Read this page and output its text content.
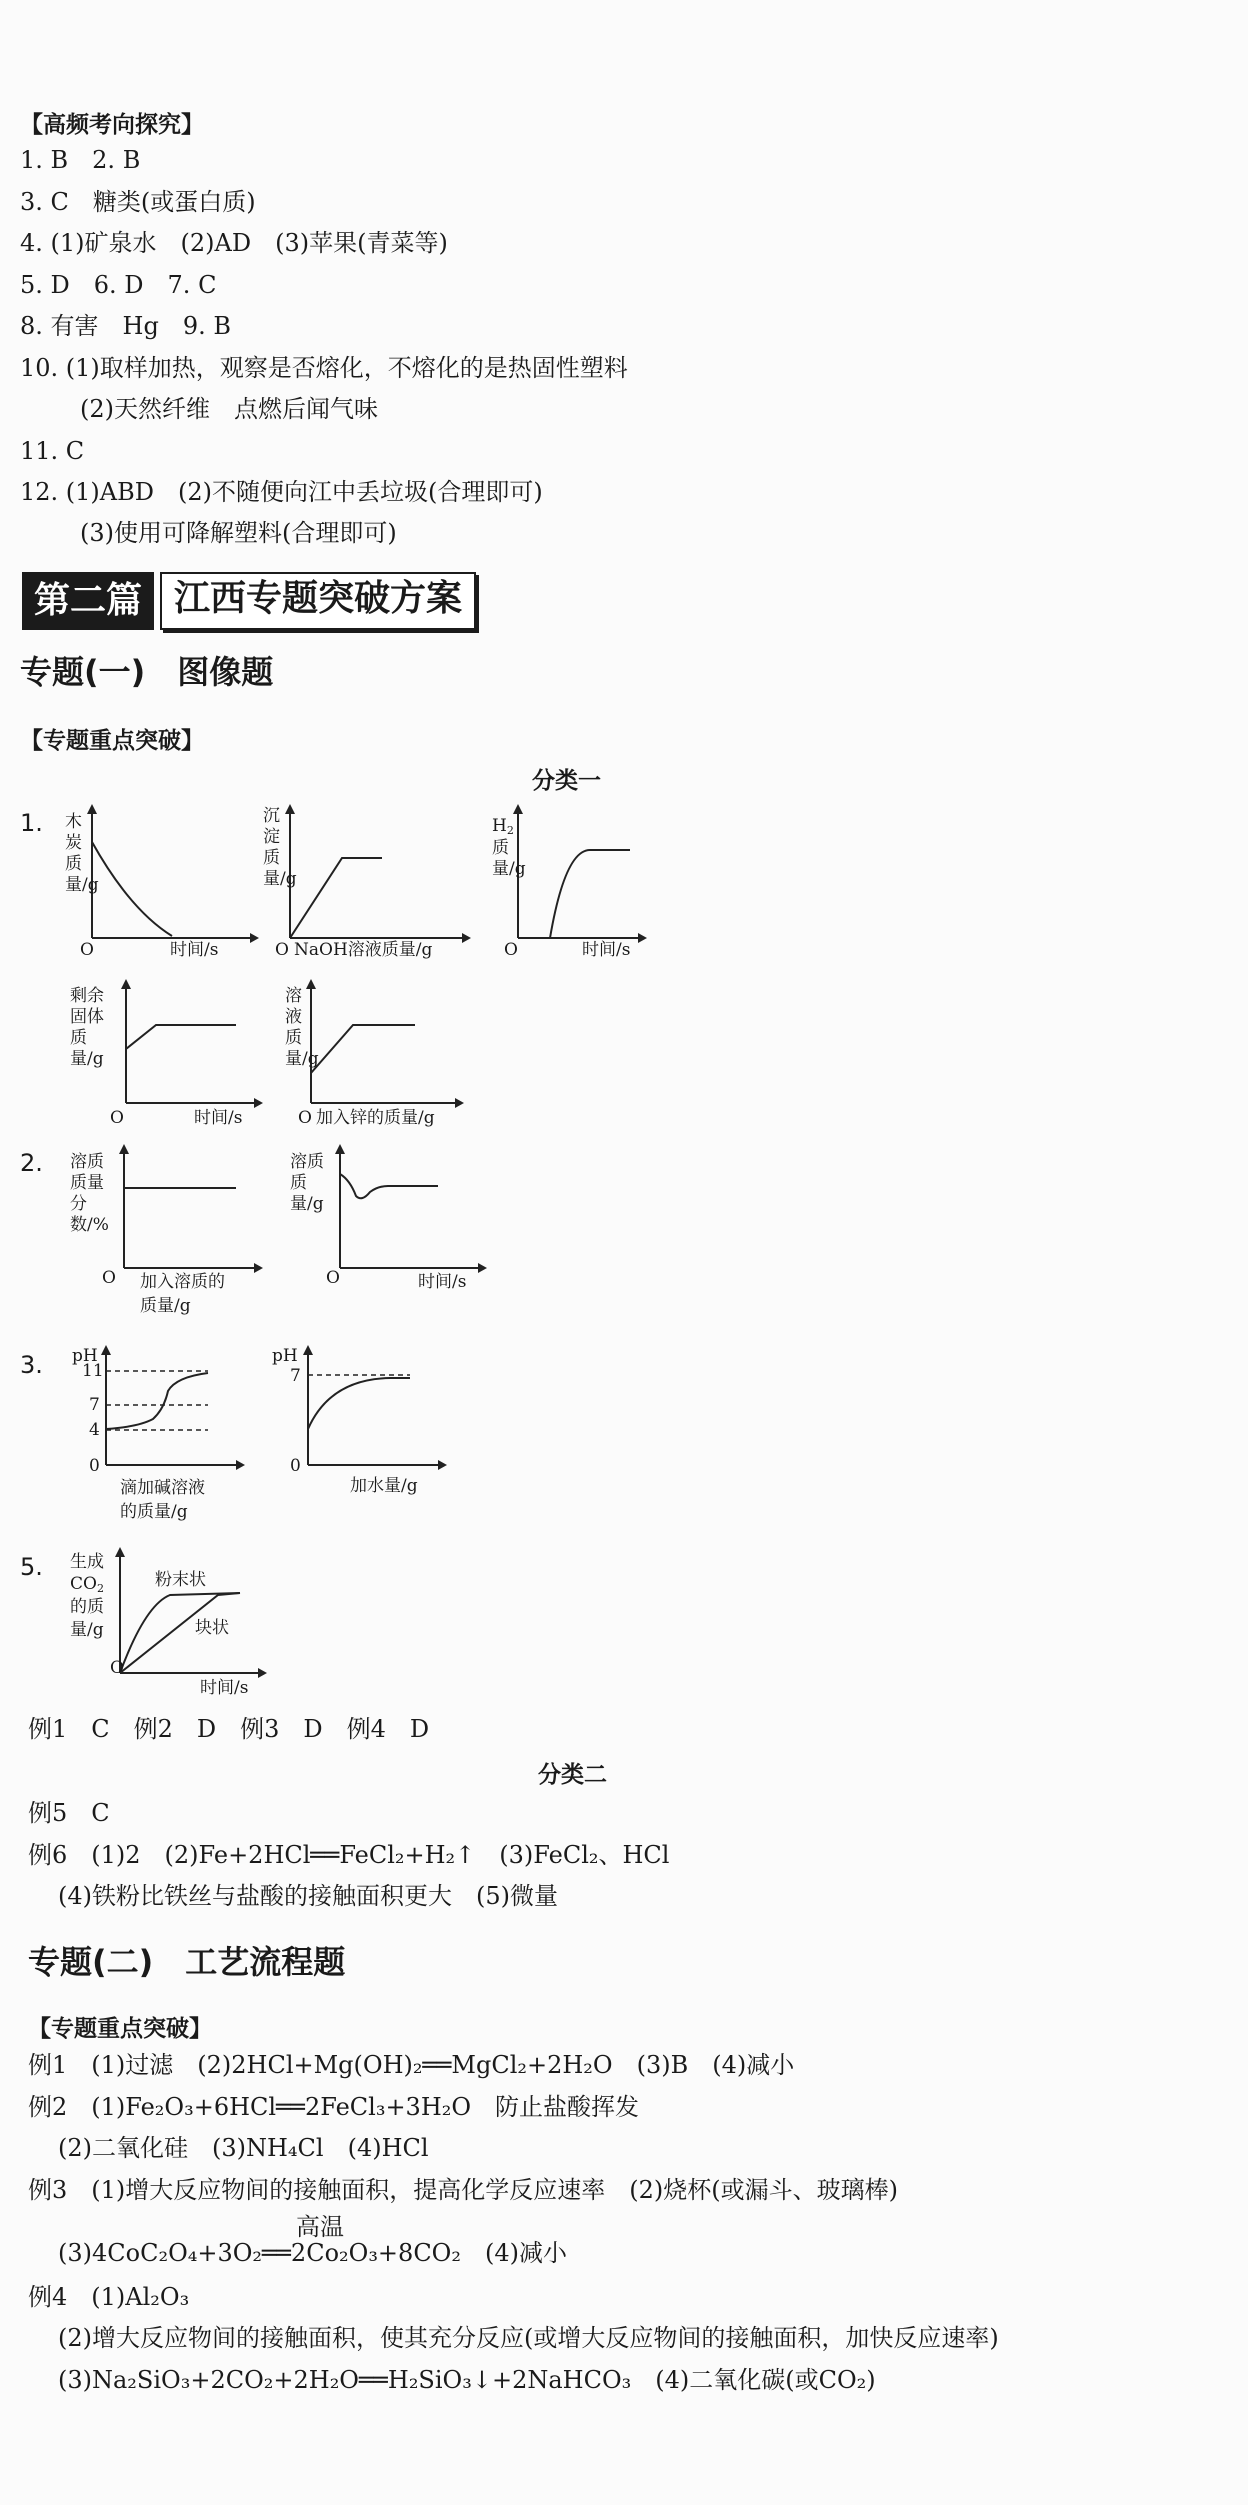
【高频考向探究】
1. B　2. B
3. C　糖类(或蛋白质)
4. (1)矿泉水　(2)AD　(3)苹果(青菜等)
5. D　6. D　7. C
8. 有害　Hg　9. B
10. (1)取样加热，观察是否熔化，不熔化的是热固性塑料
(2)天然纤维　点燃后闻气味
11. C
12. (1)ABD　(2)不随便向江中丢垃圾(合理即可)
(3)使用可降解塑料(合理即可)
第二篇 江西专题突破方案
专题(一)　图像题
【专题重点突破】
分类一
1. 木炭质量/g
O	时间/s
沉淀质量/g
O NaOH溶液质量/g
$H_2$
质量/g
O	时间/s
剩余固体质量/g
O	时间/s
溶液质量/g
O 加入锌的质量/g
2. 溶质质量分数/%
O 加入溶质的
质量/g
溶质质量/g
O	时间/s
3. pH
11
7
4
0
滴加碱溶液
的质量/g
pH
7
0
加水量/g
5. 生成
$CO_2$
的质
量/g
O
时间/s
粉末状
块状
例1　C　例2　D　例3　D　例4　D
分类二
例5　C
例6　(1)2　(2)Fe+2HCl══FeCl₂+H₂↑　(3)FeCl₂、HCl
(4)铁粉比铁丝与盐酸的接触面积更大　(5)微量
专题(二)　工艺流程题
【专题重点突破】
例1　(1)过滤　(2)2HCl+Mg(OH)₂══MgCl₂+2H₂O　(3)B　(4)减小
例2　(1)Fe₂O₃+6HCl══2FeCl₃+3H₂O　防止盐酸挥发
(2)二氧化硅　(3)NH₄Cl　(4)HCl
例3　(1)增大反应物间的接触面积，提高化学反应速率　(2)烧杯(或漏斗、玻璃棒)
高温
(3)4CoC₂O₄+3O₂══2Co₂O₃+8CO₂　(4)减小
例4　(1)Al₂O₃
(2)增大反应物间的接触面积，使其充分反应(或增大反应物间的接触面积，加快反应速率)
(3)Na₂SiO₃+2CO₂+2H₂O══H₂SiO₃↓+2NaHCO₃　(4)二氧化碳(或CO₂)
